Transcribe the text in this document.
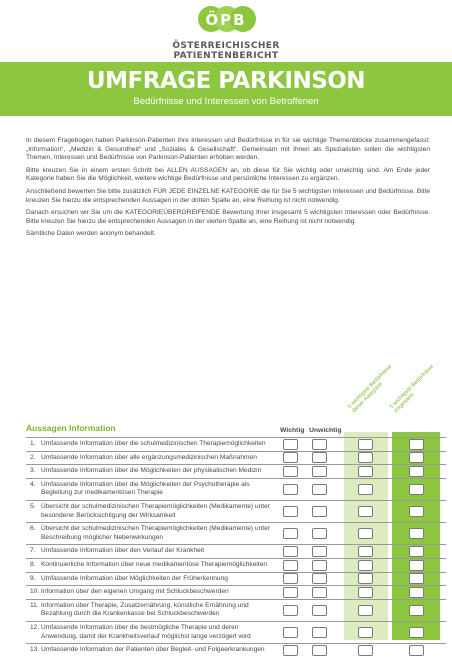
ÖPB
ÖSTERREICHISCHER
PATIENTENBERICHT
UMFRAGE PARKINSON
Bedürfnisse und Interessen von Betroffenen

In diesem Fragebogen haben Parkinson-Patienten ihre Interessen und Bedürfnisse in für sie wichtige Themenblöcke zusammengefasst: „Information“, „Medizin & Gesundheit“ und „Soziales & Gesellschaft“. Gemeinsam mit Ihnen als Spezialisten sollen die wichtigsten Themen, Interessen und Bedürfnisse von Parkinson-Patienten erhoben werden.

Bitte kreuzen Sie in einem ersten Schritt bei ALLEN AUSSAGEN an, ob diese für Sie wichtig oder unwichtig sind. Am Ende jeder Kategorie haben Sie die Möglichkeit, weitere wichtige Bedürfnisse und persönliche Interessen zu ergänzen.

Anschließend bewerten Sie bitte zusätzlich FÜR JEDE EINZELNE KATEGORIE die für Sie 5 wichtigsten Interessen und Bedürfnisse. Bitte kreuzen Sie hierzu die entsprechenden Aussagen in der dritten Spalte an, eine Reihung ist nicht notwendig.

Danach ersuchen wir Sie um die KATEGORIEÜBERGREIFENDE Bewertung Ihrer insgesamt 5 wichtigsten Interessen oder Bedürfnisse. Bitte kreuzen Sie hierzu die entsprechenden Aussagen in der vierten Spalte an, eine Reihung ist nicht notwendig.

Sämtliche Daten werden anonym behandelt.

Aussagen Information	Wichtig Unwichtig
5 wichtigste Bedürfnisse dieser Kategorie 5 wichtigste Bedürfnisse insgesamt
1. Umfassende Information über die schulmedizinischen Therapiemöglichkeiten
2. Umfassende Information über alle ergänzungsmedizinischen Maßnahmen
3. Umfassende Information über die Möglichkeiten der physikalischen Medizin
4. Umfassende Information über die Möglichkeiten der Psychotherapie als Begleitung zur medikamentösen Therapie
5. Übersicht der schulmedizinischen Therapiemöglichkeiten (Medikamente) unter besonderer Berücksichtigung der Wirksamkeit
6. Übersicht der schulmedizinischen Therapiemöglichkeiten (Medikamente) unter Beschreibung möglicher Nebenwirkungen
7. Umfassende Information über den Verlauf der Krankheit
8. Kontinuierliche Information über neue medikamentöse Therapiemöglichkeiten
9. Umfassende Information über Möglichkeiten der Früherkennung
10. Information über den eigenen Umgang mit Schluckbeschwerden
11. Information über Therapie, Zusatzernährung, künstliche Ernährung und Bezahlung durch die Krankenkasse bei Schluckbeschwerden
12. Umfassende Information über die bestmögliche Therapie und deren Anwendung, damit der Krankheitsverlauf möglichst lange verzögert wird
13. Umfassende Information der Patienten über Begleit- und Folgeerkrankungen
